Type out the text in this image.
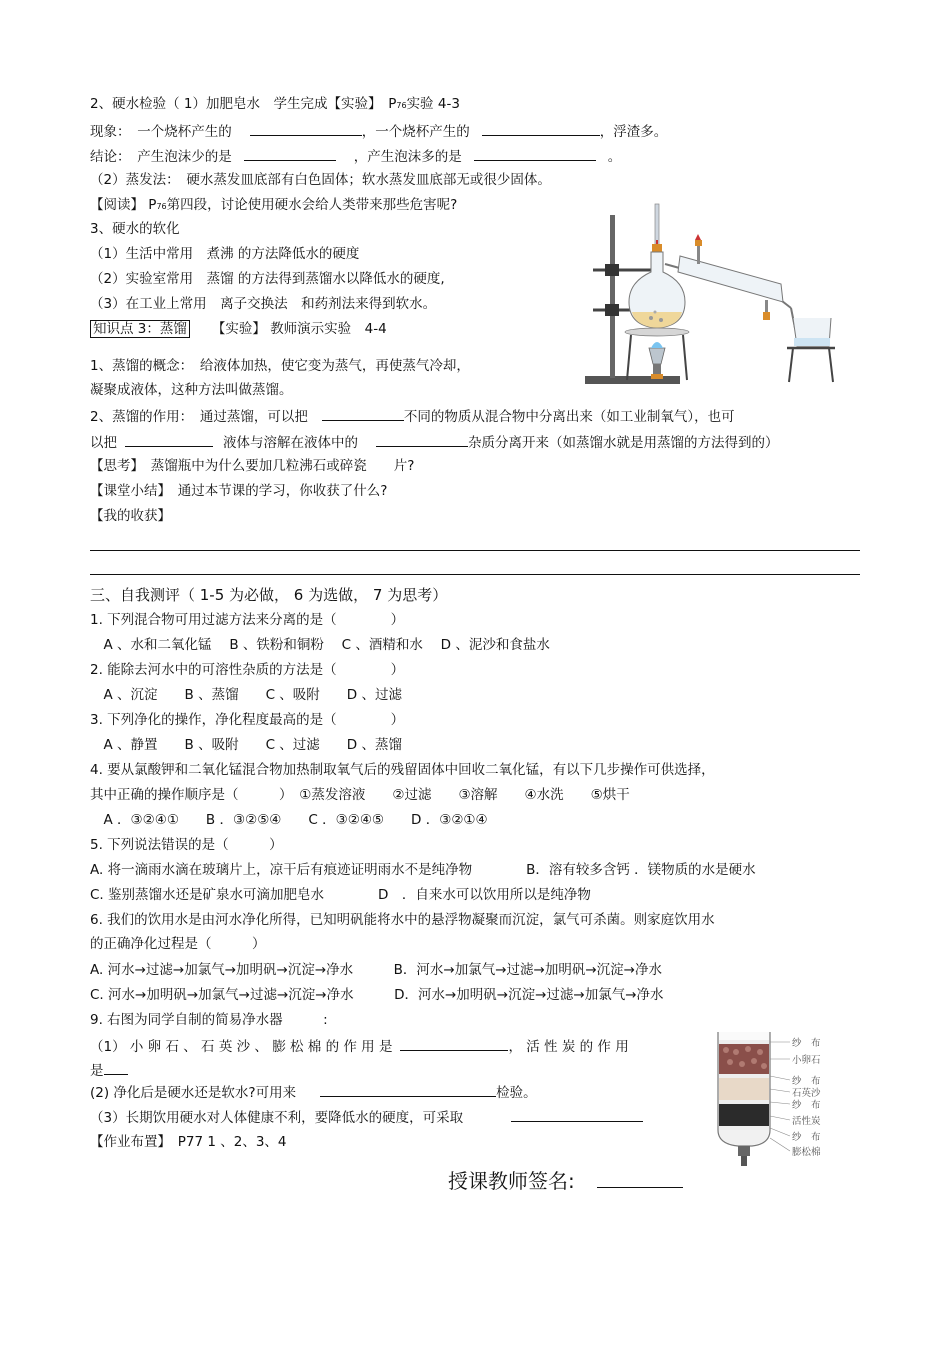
2、硬水检验（ 1）加肥皂水　学生完成【实验】　P76实验 4-3
现象：　一个烧杯产生的	，一个烧杯产生的	，浮渣多。
结论：　产生泡沫少的是	，产生泡沫多的是	。
（2）蒸发法：　硬水蒸发皿底部有白色固体；软水蒸发皿底部无或很少固体。
【阅读】 P76第四段，讨论使用硬水会给人类带来那些危害呢?
3、硬水的软化
（1）生活中常用　煮沸 的方法降低水的硬度
（2）实验室常用　蒸馏 的方法得到蒸馏水以降低水的硬度,
（3）在工业上常用　离子交换法　和药剂法来得到软水。
知识点 3：蒸馏 【实验】 教师演示实验　4-4
1、蒸馏的概念：　给液体加热，使它变为蒸气，再使蒸气冷却，
凝聚成液体，这种方法叫做蒸馏。
2、蒸馏的作用：　通过蒸馏，可以把	不同的物质从混合物中分离出来（如工业制氧气），也可
以把	液体与溶解在液体中的	杂质分离开来（如蒸馏水就是用蒸馏的方法得到的）
【思考】　蒸馏瓶中为什么要加几粒沸石或碎瓷　　片?
【课堂小结】　通过本节课的学习，你收获了什么?
【我的收获】
三、自我测评（ 1-5 为必做， 6 为选做， 7 为思考）
1. 下列混合物可用过滤方法来分离的是（　　　　）
　A 、水和二氧化锰　 B 、铁粉和铜粉　 C 、酒精和水　 D 、泥沙和食盐水
2. 能除去河水中的可溶性杂质的方法是（　　　　）
　A 、沉淀　　B 、蒸馏　　C 、吸附　　D 、过滤
3. 下列净化的操作，净化程度最高的是（　　　　）
　A 、静置　　B 、吸附　　C 、过滤　　D 、蒸馏
4. 要从氯酸钾和二氧化锰混合物加热制取氧气后的残留固体中回收二氧化锰，有以下几步操作可供选择，
其中正确的操作顺序是（　　　）　①蒸发溶液　　②过滤　　③溶解　　④水洗　　⑤烘干
　A ．③②④①　　B ．③②⑤④　　C ．③②④⑤　　D ．③②①④
5. 下列说法错误的是（　　　）
A. 将一滴雨水滴在玻璃片上，凉干后有痕迹证明雨水不是纯净物　　　　B．溶有较多含钙 ．镁物质的水是硬水
C. 鉴别蒸馏水还是矿泉水可滴加肥皂水　　　　D　．自来水可以饮用所以是纯净物
6. 我们的饮用水是由河水净化所得，已知明矾能将水中的悬浮物凝聚而沉淀，氯气可杀菌。则家庭饮用水
的正确净化过程是（　　　）
A. 河水→过滤→加氯气→加明矾→沉淀→净水　　　B．河水→加氯气→过滤→加明矾→沉淀→净水
C. 河水→加明矾→加氯气→过滤→沉淀→净水　　　D．河水→加明矾→沉淀→过滤→加氯气→净水
9. 右图为同学自制的简易净水器　　　:
（1） 小 卵 石 、 石 英 沙 、 膨 松 棉 的 作 用 是	， 活 性 炭 的 作 用
是
(2) 净化后是硬水还是软水?可用来	检验。
（3）长期饮用硬水对人体健康不利，要降低水的硬度，可采取
【作业布置】　P77 1 、2、3、4
授课教师签名:
纱　布
小卵石
纱　布
石英沙
纱　布
活性炭
纱　布
膨松棉
